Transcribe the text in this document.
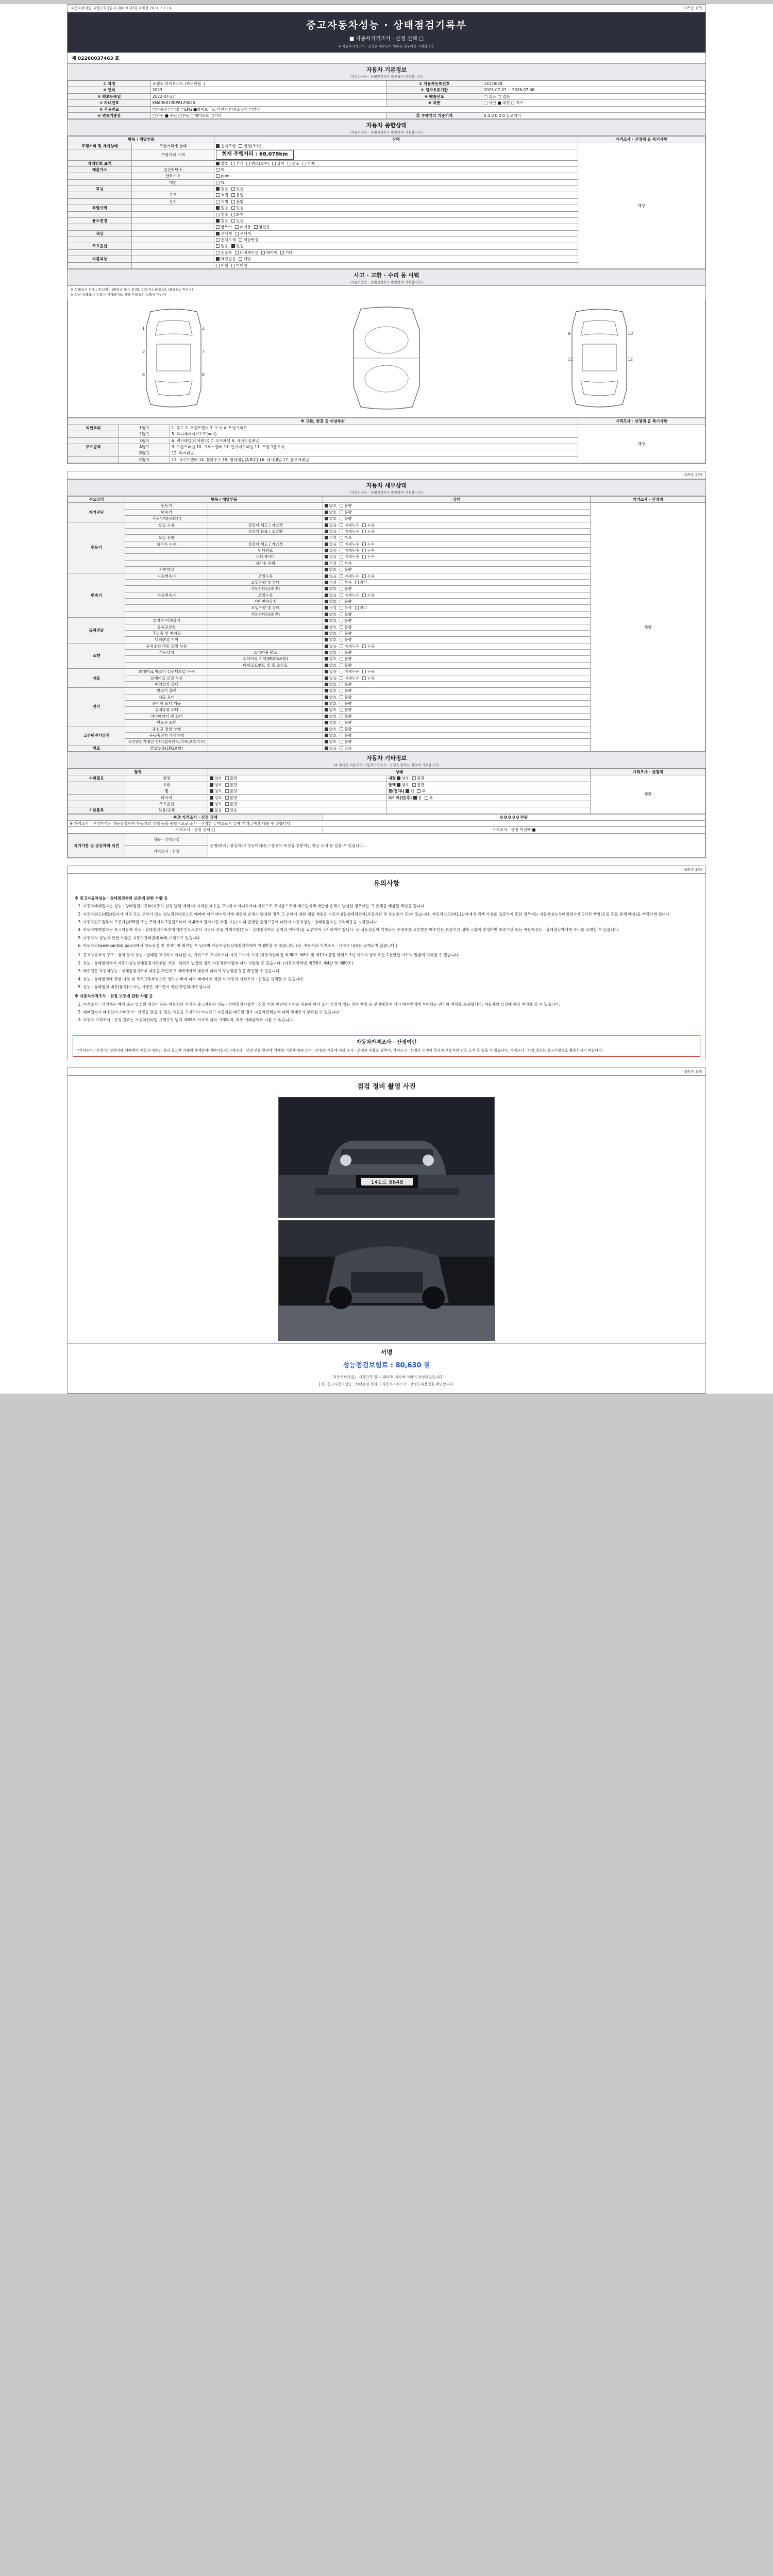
자동차관리법 시행규칙 [별지 제82호서식] <개정 2021.7.13.>	(3쪽중 1쪽)
중고자동차성능 · 상태점검기록부
■ 자동차가격조사 · 산정 선택 □
※ 자동차가격조사 · 산정은 매수인이 원하는 경우에만 기재합니다.
제 02260037463 호
자동차 기본정보
(자동차성능 · 상태점검자가 확인하여 기재합니다.)
① 차명	쏘렌토 하이브리드 (싸퍼런블 :)	② 자동차등록번호	141히648
③ 연식	2023	④ 검사유효기간	2025-07-07 ~ 2026-07-06
⑤ 최초등록일	2022-07-27	⑥ 検查년도	□ 있음 □ 없음
⑦ 차대번호	KNAR6813BPA129020	⑧ 차종	□ 국산 ■ 대형 □ 특수
⑨ 사용연료	□가솔린 □디젤 □LPG ■하이브리드 □전기 □수소전기 □기타		
⑩ 변속기종류	□자동 ■ 무단 □수동 □세미오토 □기타	⑪ 주행거리 기준기재	0 0 0 0 0 0 킬로미터
자동차 종합상태
(자동차성능 · 상태점검자가 확인하여 기재합니다.)
항목 / 해당부품		상태	가격조사 · 산정액 등 특기사항
주행거리 및 계기상태	주행거리계 상태	실제주행 변경(조작)	해당
	주행거리 기재	현재 주행거리 : 68,079km	
차대번호 표기		양호 부식 변조(오손) 상이 변조 삭제	
배출가스	일산화탄소	%	
	탄화수소	ppm	
	매연	%	
튜닝		없음 있음	
	구조	적법 불법	
	장치	적법 불법	
특별이력		없음 있음	
		침수 화재	
용도변경		없음 있음	
		렌트카 대여용 영업용	
색상		무채색 유채색	
		전체도색 색상변경	
주요옵션		없음 있음	
		썬루프 내비게이션 에어백 기타	
리콜대상		해당없음 해당	
		이행 미이행	
사고 · 교환 · 수리 등 이력
(자동차성능 · 상태점검자가 확인하여 기재합니다.)
※ 상태표시 부호 : X(교환), W(판금 또는 용접), C(부식), A(흠집), U(요철), T(손상)
※ 하단 상태표시 부호가 기재되어도 기타 부품들의 상태에 따라서
1
3
6
2
7
8
9
11
10
12
※ 교환, 판금 등 이상부위	가격조사 · 산정액 등 특기사항
외판부위	1랭크	1. 후드 2. 프론트팬더 3. 도어 4. 트렁크리드	해당
	2랭크	5. 라디에이터서포트(volt)
	3랭크	6. 쿼터패널(리어팬더) 7. 루프패널 8. 사이드실패널
주요골격	A랭크	9. 프론트패널 10. 크로스멤버 11. 인사이드패널 11. 트렁크플로어
	B랭크	12. 리어패널
	C랭크	13. 사이드멤버 14. 휠하우스 15. 필러패널(A,B,C) 16. 대시패널 17. 플로어패널
(3쪽중 2쪽)
자동차 세부상태
(자동차성능 · 상태점검자가 확인하여 기재합니다.)
주요장치	항목 / 해당부품		상태	가격조사 · 산정액
자기진단	원동기		양호 불량	해당
	변속기		양호 불량	
	작동상태(공회전)		양호 불량	
원동기	오일 누유	실린더 헤드 / 가스켓	없음 미세누유 누유	
		실린더 블록 / 오일팬	없음 미세누유 누유	
	오일 유량		적정 부족	
	냉각수 누수	실린더 헤드 / 가스켓	없음 미세누수 누수	
		워터펌프	없음 미세누수 누수	
		라디에이터	없음 미세누수 누수	
		냉각수 수량	적정 부족	
	커먼레일		양호 불량	
변속기	자동변속기	오일누유	없음 미세누유 누유	
		오일유량 및 상태	적정 부족 과다	
		작동상태(공회전)	양호 불량	
	수동변속기	오일누유	없음 미세누유 누유	
		기어변속장치	양호 불량	
		오일유량 및 상태	적정 부족 과다	
		작동상태(공회전)	양호 불량	
동력전달	클러치 어셈블리		양호 불량	
	등속죠인트		양호 불량	
	추진축 및 베어링		양호 불량	
	디퍼렌셜 기어		양호 불량	
조향	동력조향 작동 오일 누유		없음 미세누유 누유	
	작동상태	스티어링 펌프	양호 불량	
		스티어링 기어(MDPS포함)	양호 불량	
		타이로드엔드 및 볼 조인트	양호 불량	
제동	브레이크 마스터 실린더오일 누유		없음 미세누유 누유	
	브레이크 오일 누유		없음 미세누유 누유	
	배력장치 상태		양호 불량	
전기	발전기 출력		양호 불량	
	시동 모터		양호 불량	
	와이퍼 모터 기능		양호 불량	
	실내송풍 모터		양호 불량	
	라디에이터 팬 모터		양호 불량	
	윈도우 모터		양호 불량	
고전원전기장치	충전구 절연 상태		양호 불량	
	구동축전지 격리상태		양호 불량	
	고전원전기배선 상태(접속단자,피복,보호기구)		양호 불량	
연료	연료누출(LPG포함)		없음 있음	
자동차 기타정보
(※ 항목은 파손지가 자동차가격조사 · 산정을 원하는 경우에 기재합니다)
항목		상태		가격조사 · 산정액
수리필요	외장	양호 불량	내장 양호 불량	해당
	유리	양호 불량	광택 양호 불량	
	휠	양호 불량	휠(전/후) 전 후	
	타이어	양호 불량	타이어(전/후) 전 후	
	주요옵션	양호 불량		
기본품목	보유/교체	없음 있음		
※⑬ 가격조사 · 산정 금액	0 0 0 0 0 만원
※ 가격조사 · 산정가격은 성능점검자가 자동차의 상태 등을 종합적으로 조사 · 산정한 금액으로서 실제 거래금액과 다를 수 있습니다.	
가격조사 · 산정 선택 □	가격조사 · 산정 미선택 ■
특기사항 및 점검자의 의견	성능 · 상태점검	운행/관리 / 정검의도/ 성능이력/등 / 중고차 특성상 부분적인 판금 도색 등 있을 수 있습니다.
가격조사 · 산정
(3쪽중 3쪽)
유의사항

※ 중고자동차성능 · 상태점검자의 보증에 관한 사항 등

1. 자동차매매업자는 성능 · 상태점검기록부(자동차 산정 발행 제외)에 기재한 내용을 고지하지 아니하거나 거짓으로 고지함으로써 매수인에게 재산상 손해가 발생한 경우에는 그 손해를 배상할 책임을 집니다.
2. 자동차양도(매입)업자가 거짓 또는 오류가 있는 성능점검내용으로 매매에 따라 매수인에게 재산상 손해가 발생한 경우 그 손해에 대한 배상 책임은 자동차성능상태점검자(보증기관 및 보험회사 등)에 있습니다. 자동차양도(매입)업자에게 귀책 사유를 입증하지 못한 경우에는 자동차성능상태점검자가 1차적 책임(보증 등을 통해 배상)을 부담하게 됩니다.
3. 자동차인도일부터 보증기간(30일 또는 주행거리 2천킬로미터 이내에서 당사자간 약정 가능) 이내 발생한 건별보증에 대하여 자동차성능 · 상태점검자는 수리비용을 지급합니다.
4. 자동차매매업자는 중고자동차 성능 · 상태점검기록부에 매수인으로부터 고장내 부품 기재사항(성능 · 상태점검자의 성명과 연락처)을 교부하여 고지하여야 합니다. 동 성능점검이 기재되는 수령증을 교부받은 매수인은 보증기간 내에 고장이 발생하면 보증기관 또는 자동차성능 · 상태점검자에게 수리를 요청할 수 있습니다.
5. 자동차의 성능에 관한 사항은 자동차관리법에 따라 시행하고 있습니다.
6. 자동차의(www.car365.go.kr)에서 성능점검 및 정비이력 확인할 수 있으며 자동차성능상태점검자에게 안내받을 수 있습니다. (단, 자동차의 가격조사 · 산정은 내용은 공개되지 않습니다.)
1. 중고자동차의 구조 · 장치 등의 성능 · 상태를 고지하지 아니한 자, 거짓으로 고지하거나 거짓 고지에 기재 (자동차관리법 제 80조 제6호 및 제7호) 불법 행위로 1년 이하의 징역 또는 1천만원 이하의 벌금에 처해질 수 있습니다.
2. 성능 · 상태점검자가 자동차성능상태점검기록부를 거짓 · 허위로 발급한 경우 자동차관리법에 따라 처벌될 수 있습니다. (자동차관리법 제 58조 제4항 및 제80조)
3. 매수인은 자동차성능 · 상태점검기록부 내용을 확인하고 매매계약서 내용에 따라서 성능점검 등을 확인할 수 있습니다.
4. 성능 · 상태점검에 관한 사항 외 국토교통부령으로 정하는 바에 따라 매매계약 체결 시 자동차 가격조사 · 산정을 선택할 수 있습니다.
5. 성능 · 상태점검 내용(품목)이 아닌 사항은 매수인이 직접 확인하여야 합니다.

※ 자동차가격조사 · 산정 보증에 관한 사항 등

1. 가격조사 · 산정자는 매매 또는 알선의 대상이 되는 자동차의 사실과 중고자동차 성능 · 상태점검기록부 · 산정 부분 한편에 기재된 내용에 따라 조사 산정가 있는 경우 책임 등 분쟁해결에 따라 매수인에게 부여되는 권리와 책임을 보증합니다. 자동차의 실질에 해당 책임을 질 수 있습니다.
2. 매매업자가 매수인이 거래조사 · 산정을 받을 수 있는 사실을 고지하지 아니하고 자동차를 매도한 경우 자동차관리법에 따라 과태료가 부과될 수 있습니다.
3. 자동차 가격조사 · 산정 결과는 자동차관리법 시행규칙 별지 제82호 서식에 따라 기재되며, 최종 거래금액과 다를 수 있습니다.
자동차가격조사 · 산정이란
"가격조사 · 산정"은 실제거래 매매계약 체결시 매수인 권리 중고차 거래의 매매업자(매매사업자)가격조사 · 산정 부분 한편에 기재된 기준에 따라 조사 · 산정된 기준에 따라 조사 · 산정된 내용을 말하며, 가격조사 · 산정은 소비자 특성과 부분적인 판금 도색 등 있을 수 있습니다. 가격조사 · 산정 결과는 참고사항으로 활용하시기 바랍니다.
(3쪽중 3쪽)
점검 정비 촬영 사진
141로 8648
서명
성능점검보험료 : 80,630 원
「자동차관리법」 시행규칙 별지 제82호 서식에 의하여 작성되었습니다.
[ ⑬ ]중고자동차성능 · 상태점검 결과, [ 자동차가격조사 · 산정 ] 내용입을 확인합니다.
